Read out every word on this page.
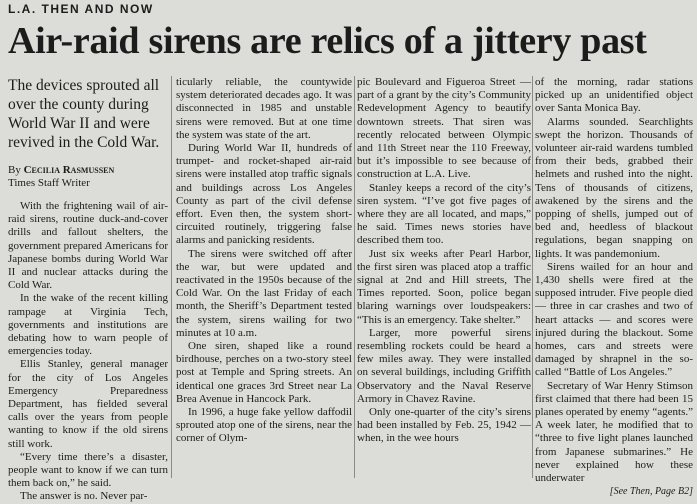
L.A. THEN AND NOW
Air-raid sirens are relics of a jittery past
The devices sprouted all over the county during World War II and were revived in the Cold War.
By Cecilia Rasmussen
Times Staff Writer

With the frightening wail of air-raid sirens, routine duck-and-cover drills and fallout shelters, the government prepared Americans for Japanese bombs during World War II and nuclear attacks during the Cold War.

In the wake of the recent killing rampage at Virginia Tech, governments and institutions are debating how to warn people of emergencies today.

Ellis Stanley, general manager for the city of Los Angeles Emergency Preparedness Department, has fielded several calls over the years from people wanting to know if the old sirens still work.

“Every time there’s a disaster, people want to know if we can turn them back on,” he said.

The answer is no. Never par-

ticularly reliable, the countywide system deteriorated decades ago. It was disconnected in 1985 and unstable sirens were removed. But at one time the system was state of the art.

During World War II, hundreds of trumpet- and rocket-shaped air-raid sirens were installed atop traffic signals and buildings across Los Angeles County as part of the civil defense effort. Even then, the system short-circuited routinely, triggering false alarms and panicking residents.

The sirens were switched off after the war, but were updated and reactivated in the 1950s because of the Cold War. On the last Friday of each month, the Sheriff’s Department tested the system, sirens wailing for two minutes at 10 a.m.

One siren, shaped like a round birdhouse, perches on a two-story steel post at Temple and Spring streets. An identical one graces 3rd Street near La Brea Avenue in Hancock Park.

In 1996, a huge fake yellow daffodil sprouted atop one of the sirens, near the corner of Olym-

pic Boulevard and Figueroa Street — part of a grant by the city’s Community Redevelopment Agency to beautify downtown streets. That siren was recently relocated between Olympic and 11th Street near the 110 Freeway, but it’s impossible to see because of construction at L.A. Live.

Stanley keeps a record of the city’s siren system. “I’ve got five pages of where they are all located, and maps,” he said. Times news stories have described them too.

Just six weeks after Pearl Harbor, the first siren was placed atop a traffic signal at 2nd and Hill streets, The Times reported. Soon, police began blaring warnings over loudspeakers: “This is an emergency. Take shelter.”

Larger, more powerful sirens resembling rockets could be heard a few miles away. They were installed on several buildings, including Griffith Observatory and the Naval Reserve Armory in Chavez Ravine.

Only one-quarter of the city’s sirens had been installed by Feb. 25, 1942 — when, in the wee hours

of the morning, radar stations picked up an unidentified object over Santa Monica Bay.

Alarms sounded. Searchlights swept the horizon. Thousands of volunteer air-raid wardens tumbled from their beds, grabbed their helmets and rushed into the night. Tens of thousands of citizens, awakened by the sirens and the popping of shells, jumped out of bed and, heedless of blackout regulations, began snapping on lights. It was pandemonium.

Sirens wailed for an hour and 1,430 shells were fired at the supposed intruder. Five people died — three in car crashes and two of heart attacks — and scores were injured during the blackout. Some homes, cars and streets were damaged by shrapnel in the so-called “Battle of Los Angeles.”

Secretary of War Henry Stimson first claimed that there had been 15 planes operated by enemy “agents.” A week later, he modified that to “three to five light planes launched from Japanese submarines.” He never explained how these underwater

[See Then, Page B2]
